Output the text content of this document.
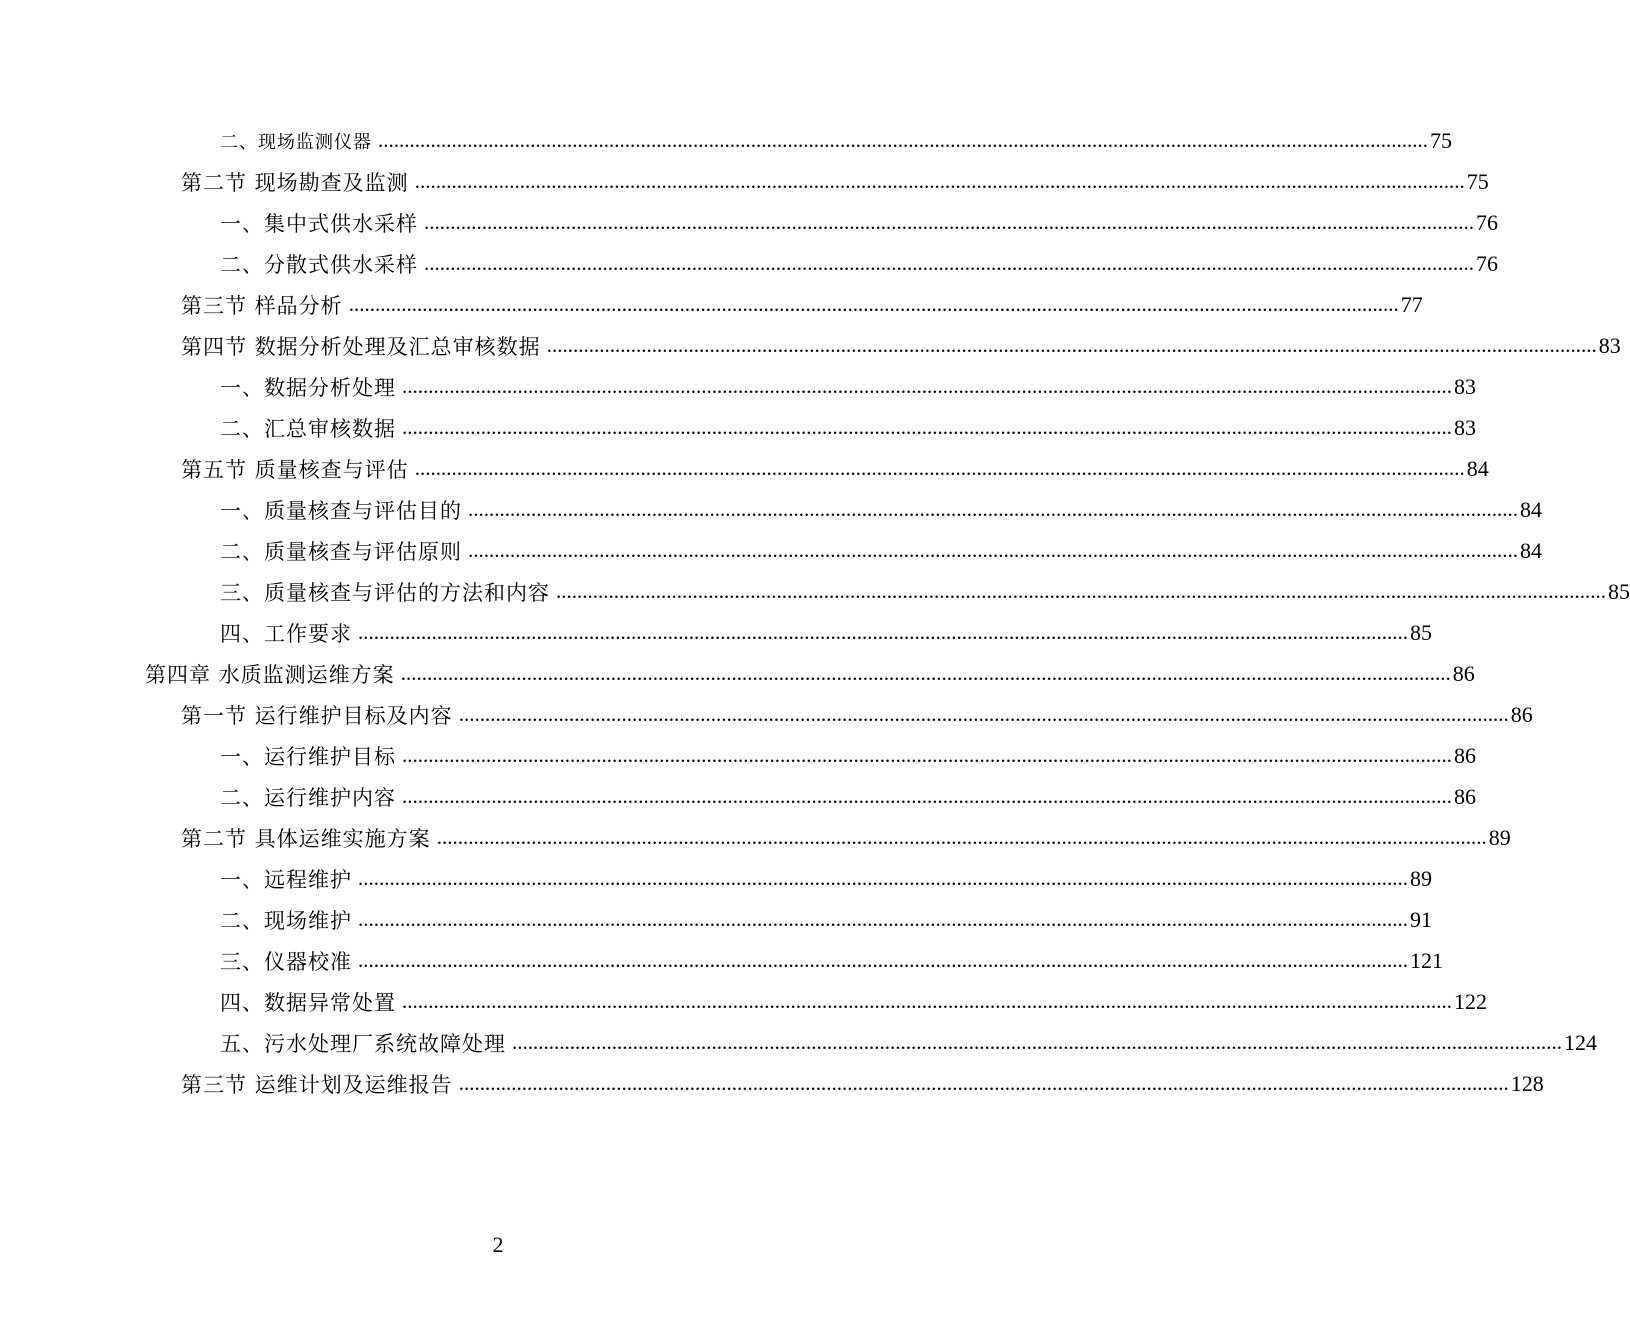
二、现场监测仪器 .....	75
第二节 现场勘查及监测 .....	75
一、集中式供水采样 .....	76
二、分散式供水采样 .....	76
第三节 样品分析 .....	77
第四节 数据分析处理及汇总审核数据 .....	83
一、数据分析处理 .....	83
二、汇总审核数据 .....	83
第五节 质量核查与评估 .....	84
一、质量核查与评估目的 .....	84
二、质量核查与评估原则 .....	84
三、质量核查与评估的方法和内容 .....	85
四、工作要求 .....	85
第四章 水质监测运维方案 .....	86
第一节 运行维护目标及内容 .....	86
一、运行维护目标 .....	86
二、运行维护内容 .....	86
第二节 具体运维实施方案 .....	89
一、远程维护 .....	89
二、现场维护 .....	91
三、仪器校准 .....	121
四、数据异常处置 .....	122
五、污水处理厂系统故障处理 .....	124
第三节 运维计划及运维报告 .....	128
2
